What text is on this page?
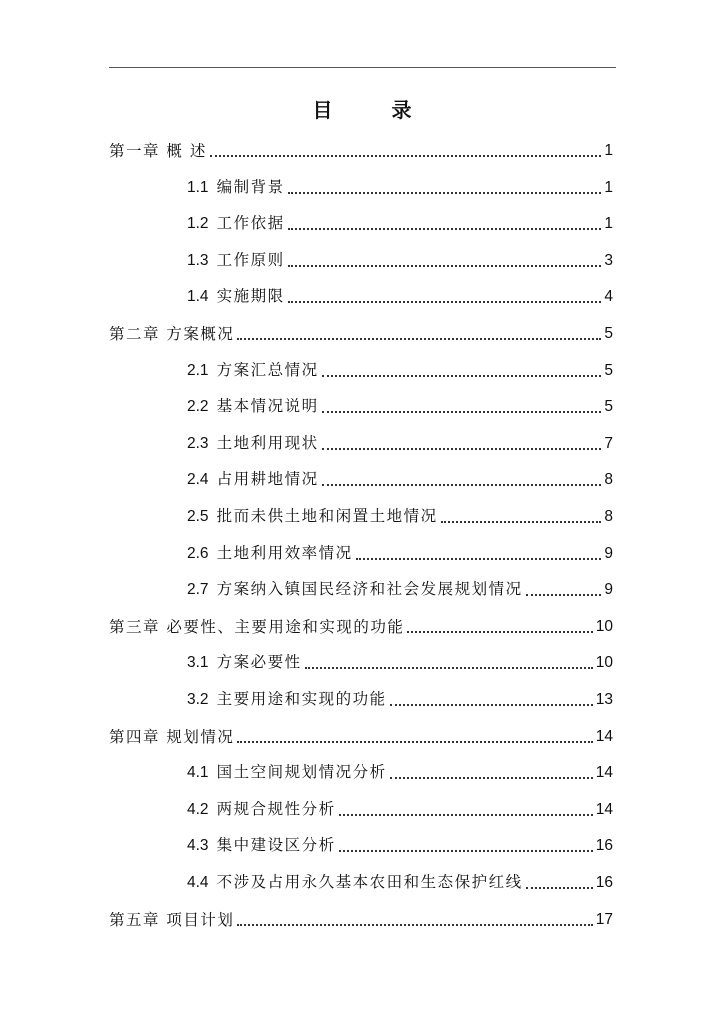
目 录
第一章 概 述	1
1.1 编制背景	1
1.2 工作依据	1
1.3 工作原则	3
1.4 实施期限	4
第二章 方案概况	5
2.1 方案汇总情况	5
2.2 基本情况说明	5
2.3 土地利用现状	7
2.4 占用耕地情况	8
2.5 批而未供土地和闲置土地情况	8
2.6 土地利用效率情况	9
2.7 方案纳入镇国民经济和社会发展规划情况	9
第三章 必要性、主要用途和实现的功能	10
3.1 方案必要性	10
3.2 主要用途和实现的功能	13
第四章 规划情况	14
4.1 国土空间规划情况分析	14
4.2 两规合规性分析	14
4.3 集中建设区分析	16
4.4 不涉及占用永久基本农田和生态保护红线	16
第五章 项目计划	17
